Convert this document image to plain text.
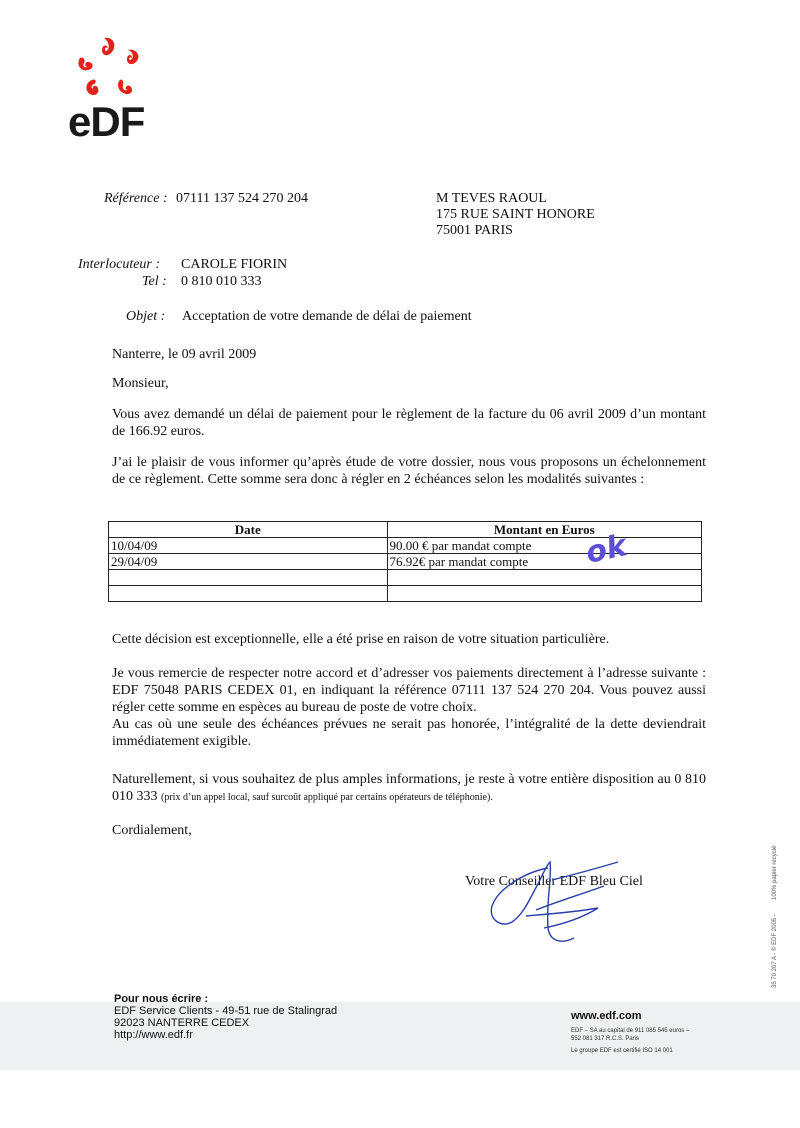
eDF
Référence : 07111 137 524 270 204	M TEVES RAOUL
175 RUE SAINT HONORE
75001 PARIS
Interlocuteur : CAROLE FIORIN
Tel : 0 810 010 333
Objet : Acceptation de votre demande de délai de paiement
Nanterre, le 09 avril 2009
Monsieur,
Vous avez demandé un délai de paiement pour le règlement de la facture du 06 avril 2009 d’un montant de 166.92 euros.
J’ai le plaisir de vous informer qu’après étude de votre dossier, nous vous proposons un échelonnement de ce règlement. Cette somme sera donc à régler en 2 échéances selon les modalités suivantes :
Date	Montant en Euros
10/04/09	90.00 € par mandat compte
29/04/09	76.92€ par mandat compte

	ok
Cette décision est exceptionnelle, elle a été prise en raison de votre situation particulière.
Je vous remercie de respecter notre accord et d’adresser vos paiements directement à l’adresse suivante : EDF 75048 PARIS CEDEX 01, en indiquant la référence 07111 137 524 270 204. Vous pouvez aussi régler cette somme en espèces au bureau de poste de votre choix.
Au cas où une seule des échéances prévues ne serait pas honorée, l’intégralité de la dette deviendrait immédiatement exigible.
Naturellement, si vous souhaitez de plus amples informations, je reste à votre entière disposition au 0 810 010 333 (prix d’un appel local, sauf surcoût appliqué par certains opérateurs de téléphonie).
Cordialement,
Votre Conseiller EDF Bleu Ciel
35 70 207 A - © EDF 2005 -
100% papier recyclé
Pour nous écrire :
EDF Service Clients - 49-51 rue de Stalingrad
92023 NANTERRE CEDEX
http://www.edf.fr
www.edf.com
EDF – SA au capital de 911 085 545 euros –
552 081 317 R.C.S. Paris
Le groupe EDF est certifié ISO 14 001
